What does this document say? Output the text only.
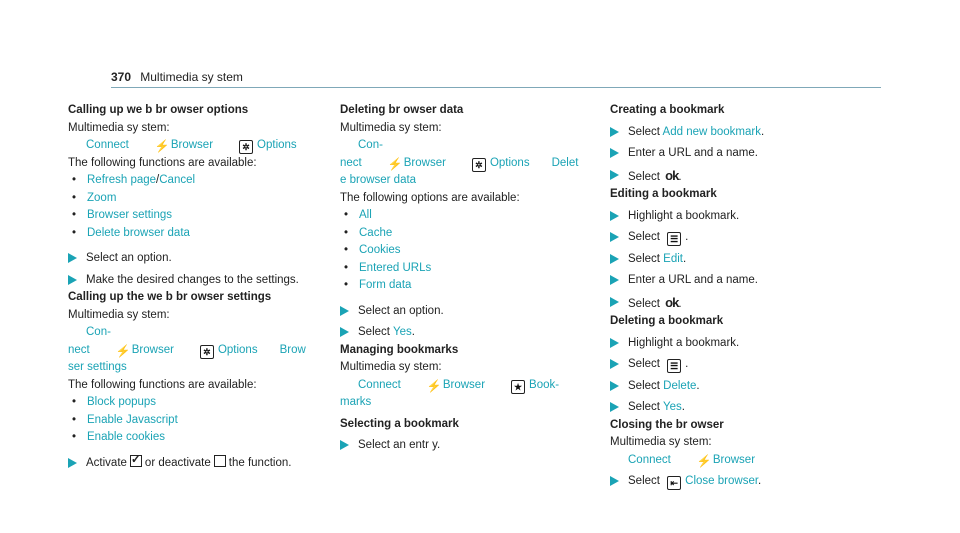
370 Multimedia sy stem
Calling up we b br owser options
Multimedia sy stem:
Connect ⚡Browser	✲ Options
The following functions are available:
• Refresh page/Cancel
• Zoom
• Browser settings
• Delete browser data
Select an option.
Make the desired changes to the settings.
Calling up the we b br owser settings
Multimedia sy stem:
Con-
nect ⚡Browser	✲ Options Brow
ser settings
The following functions are available:
• Block popups
• Enable Javascript
• Enable cookies
Activate✓ or deactivate the function.
Deleting br owser data
Multimedia sy stem:
Con-
nect ⚡Browser	✲ Options Delet
e browser data
The following options are available:
• All
• Cache
• Cookies
• Entered URLs
• Form data
Select an option.
Select Yes.
Managing bookmarks
Multimedia sy stem:
Connect ⚡Browser	★ Book-
marks
Selecting a bookmark
Select an entr y.
Creating a bookmark
Select Add new bookmark.
Enter a URL and a name.
Select ok.
Editing a bookmark
Highlight a bookmark.
Select ☰ .
Select Edit.
Enter a URL and a name.
Select ok.
Deleting a bookmark
Highlight a bookmark.
Select ☰ .
Select Delete.
Select Yes.
Closing the br owser
Multimedia sy stem:
Connect ⚡Browser
Select ⇤ Close browser.
